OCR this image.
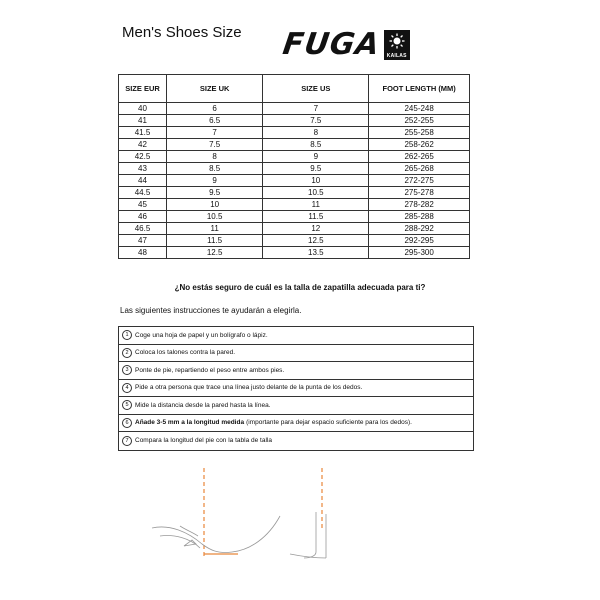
Men's Shoes Size FUGA KAILAS
SIZE EUR	SIZE UK	SIZE US	FOOT LENGTH (MM)
40	6	7	245-248
41	6.5	7.5	252-255
41.5	7	8	255-258
42	7.5	8.5	258-262
42.5	8	9	262-265
43	8.5	9.5	265-268
44	9	10	272-275
44.5	9.5	10.5	275-278
45	10	11	278-282
46	10.5	11.5	285-288
46.5	11	12	288-292
47	11.5	12.5	292-295
48	12.5	13.5	295-300
¿No estás seguro de cuál es la talla de zapatilla adecuada para ti?
Las siguientes instrucciones te ayudarán a elegirla.
1 Coge una hoja de papel y un bolígrafo o lápiz.
2 Coloca los talones contra la pared.
3 Ponte de pie, repartiendo el peso entre ambos pies.
4 Pide a otra persona que trace una línea justo delante de la punta de los dedos.
5 Mide la distancia desde la pared hasta la línea.
6 Añade 3-5 mm a la longitud medida (importante para dejar espacio suficiente para los dedos).
7 Compara la longitud del pie con la tabla de talla
